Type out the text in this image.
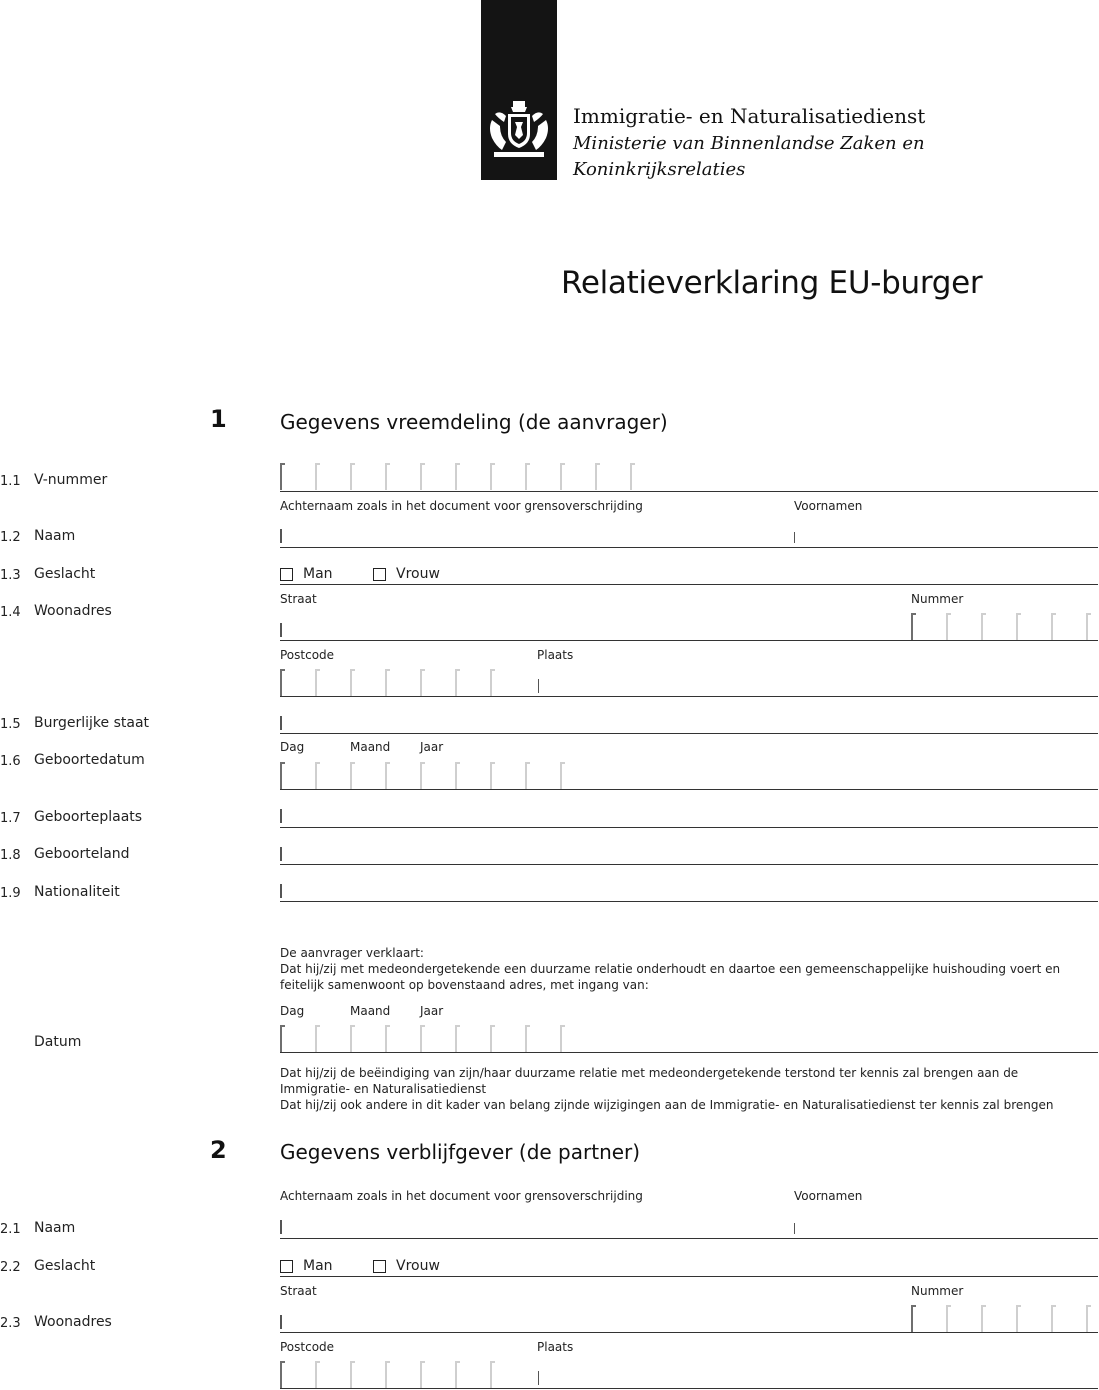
Immigratie- en Naturalisatiedienst
Ministerie van Binnenlandse Zaken en
Koninkrijksrelaties
Relatieverklaring EU-burger
1	Gegevens vreemdeling (de aanvrager)
1.1 V-nummer
Achternaam zoals in het document voor grensoverschrijding	Voornamen
1.2 Naam
1.3 Geslacht	Man	Vrouw
Straat	Nummer
1.4 Woonadres
Postcode	Plaats
1.5 Burgerlijke staat
Dag	Maand Jaar
1.6 Geboortedatum
1.7 Geboorteplaats
1.8 Geboorteland
1.9 Nationaliteit
De aanvrager verklaart:
Dat hij/zij met medeondergetekende een duurzame relatie onderhoudt en daartoe een gemeenschappelijke huishouding voert en feitelijk samenwoont op bovenstaand adres, met ingang van:
Dag	Maand Jaar
Datum
Dat hij/zij de beëindiging van zijn/haar duurzame relatie met medeondergetekende terstond ter kennis zal brengen aan de Immigratie- en Naturalisatiedienst
Dat hij/zij ook andere in dit kader van belang zijnde wijzigingen aan de Immigratie- en Naturalisatiedienst ter kennis zal brengen
2	Gegevens verblijfgever (de partner)
Achternaam zoals in het document voor grensoverschrijding	Voornamen
2.1 Naam
2.2 Geslacht	Man	Vrouw
Straat	Nummer
2.3 Woonadres
Postcode	Plaats
